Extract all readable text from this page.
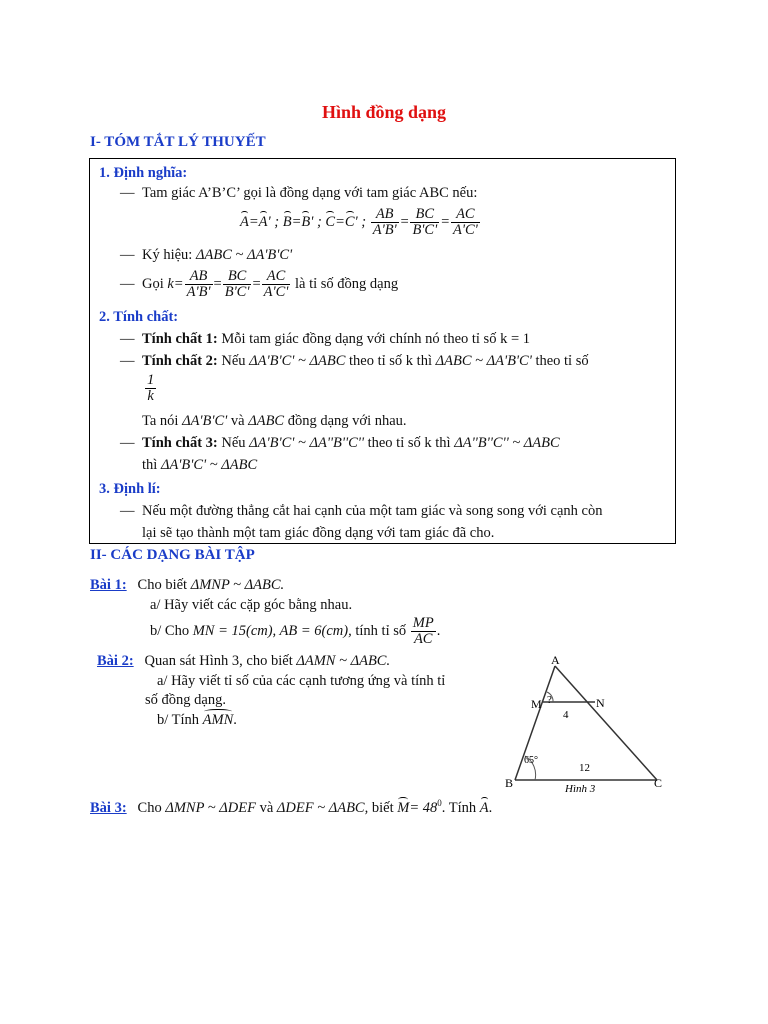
Hình đồng dạng
I- TÓM TẮT LÝ THUYẾT
1. Định nghĩa:
— Tam giác A’B’C’ gọi là đồng dạng với tam giác ABC nếu:
A=A' ; B=B' ; C=C' ; $\frac{AB}{A'B'} = \frac{BC}{B'C'} = \frac{AC}{A'C'}$
— Ký hiệu: ΔABC ~ ΔA'B'C'
— Gọi $k= \frac{AB}{A'B'} = \frac{BC}{B'C'} = \frac{AC}{A'C'}$ là tỉ số đồng dạng
2. Tính chất:
— Tính chất 1: Mỗi tam giác đồng dạng với chính nó theo tỉ số k = 1
— Tính chất 2: Nếu ΔA'B'C' ~ ΔABC theo tỉ số k thì ΔABC ~ ΔA'B'C' theo tỉ số
$\frac{1}{k}$
Ta nói ΔA'B'C' và ΔABC đồng dạng với nhau.
— Tính chất 3: Nếu ΔA'B'C' ~ ΔA''B''C'' theo tỉ số k thì ΔA''B''C'' ~ ΔABC
thì ΔA'B'C' ~ ΔABC
3. Định lí:
— Nếu một đường thẳng cắt hai cạnh của một tam giác và song song với cạnh còn
lại sẽ tạo thành một tam giác đồng dạng với tam giác đã cho.
II- CÁC DẠNG BÀI TẬP
Bài 1: Cho biết ΔMNP ~ ΔABC.
a/ Hãy viết các cặp góc bằng nhau.
b/ Cho MN = 15(cm), AB = 6(cm), tính tỉ số $\frac{MP}{AC}$ .
Bài 2: Quan sát Hình 3, cho biết ΔAMN ~ ΔABC.
a/ Hãy viết tỉ số của các cạnh tương ứng và tính tỉ
số đồng dạng.
b/ Tính AMN.
A
M	N
B	C
?
4
12
65°
Hình 3
Bài 3: Cho ΔMNP ~ ΔDEF và ΔDEF ~ ΔABC, biết $M= 48^0$. Tính A.
